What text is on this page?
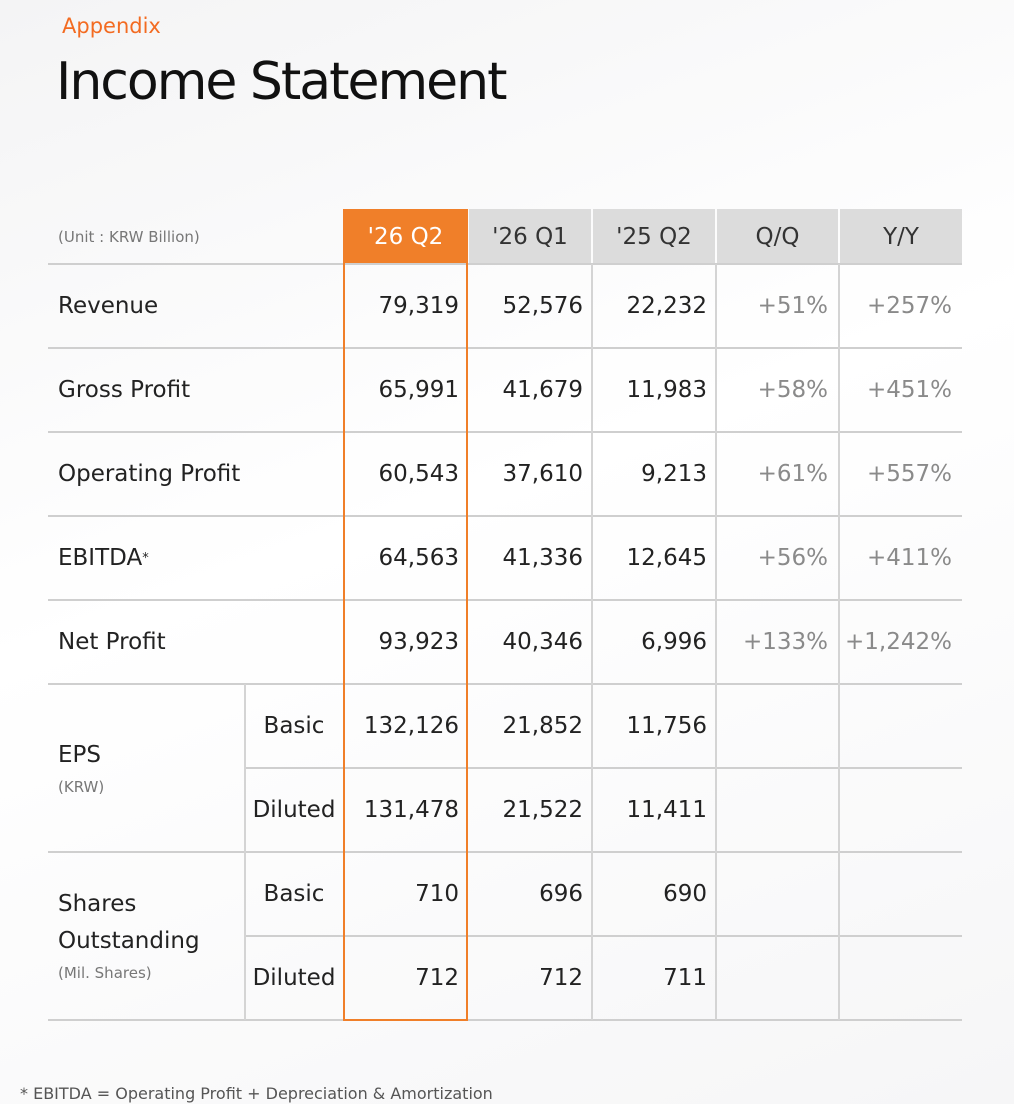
Appendix
Income Statement
(Unit : KRW Billion)	'26 Q2	'26 Q1	'25 Q2	Q/Q	Y/Y
Revenue	79,319	52,576	22,232	+51%	+257%
Gross Profit	65,991	41,679	11,983	+58%	+451%
Operating Profit	60,543	37,610	9,213	+61%	+557%
EBITDA *	64,563	41,336	12,645	+56%	+411%
Net Profit	93,923	40,346	6,996	+133% +1,242%
EPS
(KRW)
Basic	132,126	21,852	11,756
Diluted	131,478	21,522	11,411
Shares
Outstanding
(Mil. Shares)
Basic	710	696	690
Diluted	712	712	711
* EBITDA = Operating Profit + Depreciation & Amortization
